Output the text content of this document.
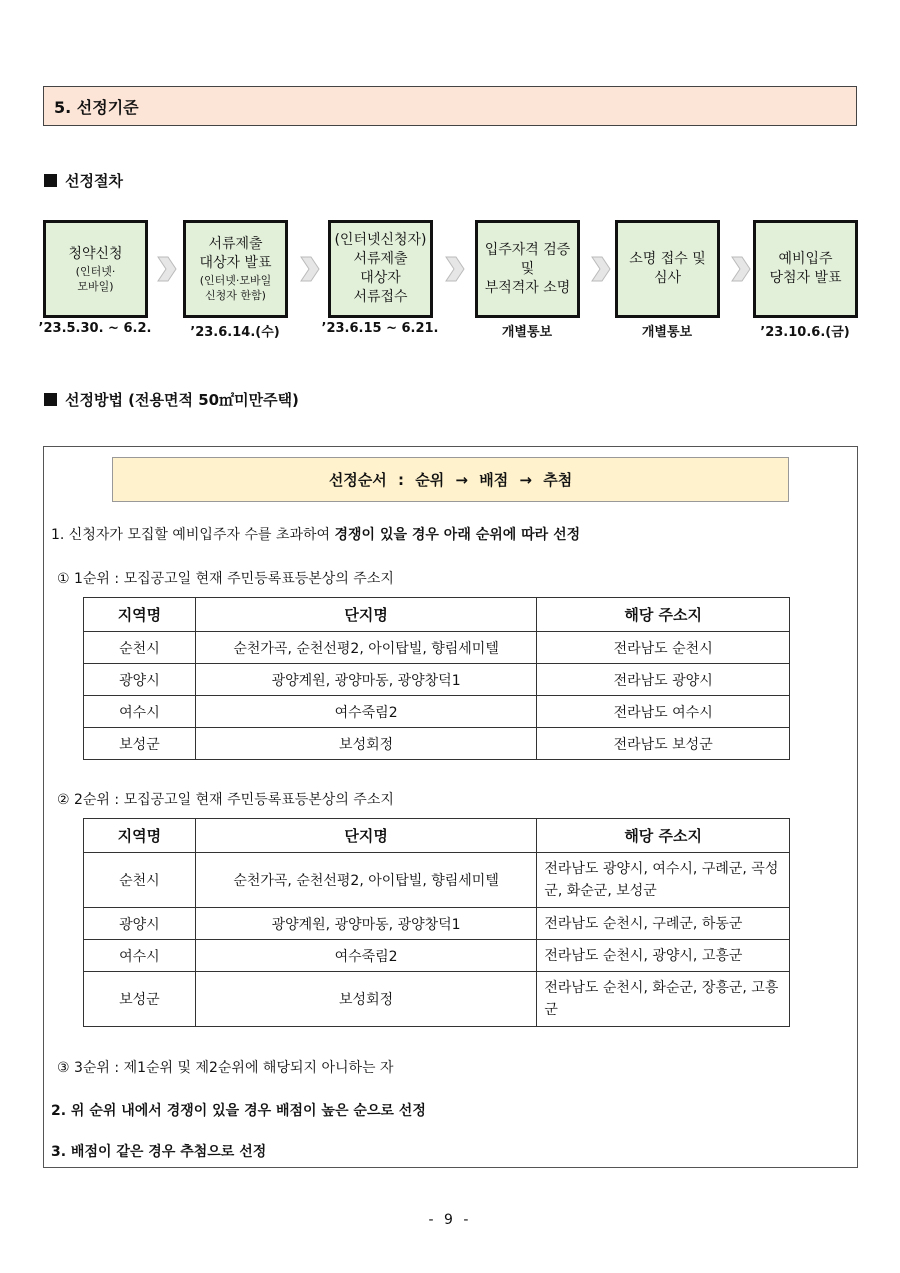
5. 선정기준
선정절차
청약신청
(인터넷·
모바일)
’23.5.30. ~ 6.2.
서류제출
대상자 발표
(인터넷·모바일
신청자 한함)
’23.6.14.(수)
(인터넷신청자)
서류제출
대상자
서류접수
’23.6.15 ~ 6.21.
입주자격 검증
및
부적격자 소명
개별통보
소명 접수 및
심사
개별통보
예비입주
당첨자 발표
’23.10.6.(금)
선정방법 (전용면적 50㎡미만주택)
선정순서 : 순위 → 배점 → 추첨
1. 신청자가 모집할 예비입주자 수를 초과하여 경쟁이 있을 경우 아래 순위에 따라 선정
① 1순위 : 모집공고일 현재 주민등록표등본상의 주소지
지역명	단지명	해당 주소지
순천시	순천가곡, 순천선평2, 아이탑빌, 향림세미텔	전라남도 순천시
광양시	광양계원, 광양마동, 광양창덕1	전라남도 광양시
여수시	여수죽림2	전라남도 여수시
보성군	보성회정	전라남도 보성군
② 2순위 : 모집공고일 현재 주민등록표등본상의 주소지
지역명	단지명	해당 주소지
순천시	순천가곡, 순천선평2, 아이탑빌, 향림세미텔	전라남도 광양시, 여수시, 구례군, 곡성군, 화순군, 보성군
광양시	광양계원, 광양마동, 광양창덕1	전라남도 순천시, 구례군, 하동군
여수시	여수죽림2	전라남도 순천시, 광양시, 고흥군
보성군	보성회정	전라남도 순천시, 화순군, 장흥군, 고흥군
③ 3순위 : 제1순위 및 제2순위에 해당되지 아니하는 자
2. 위 순위 내에서 경쟁이 있을 경우 배점이 높은 순으로 선정
3. 배점이 같은 경우 추첨으로 선정
- 9 -
